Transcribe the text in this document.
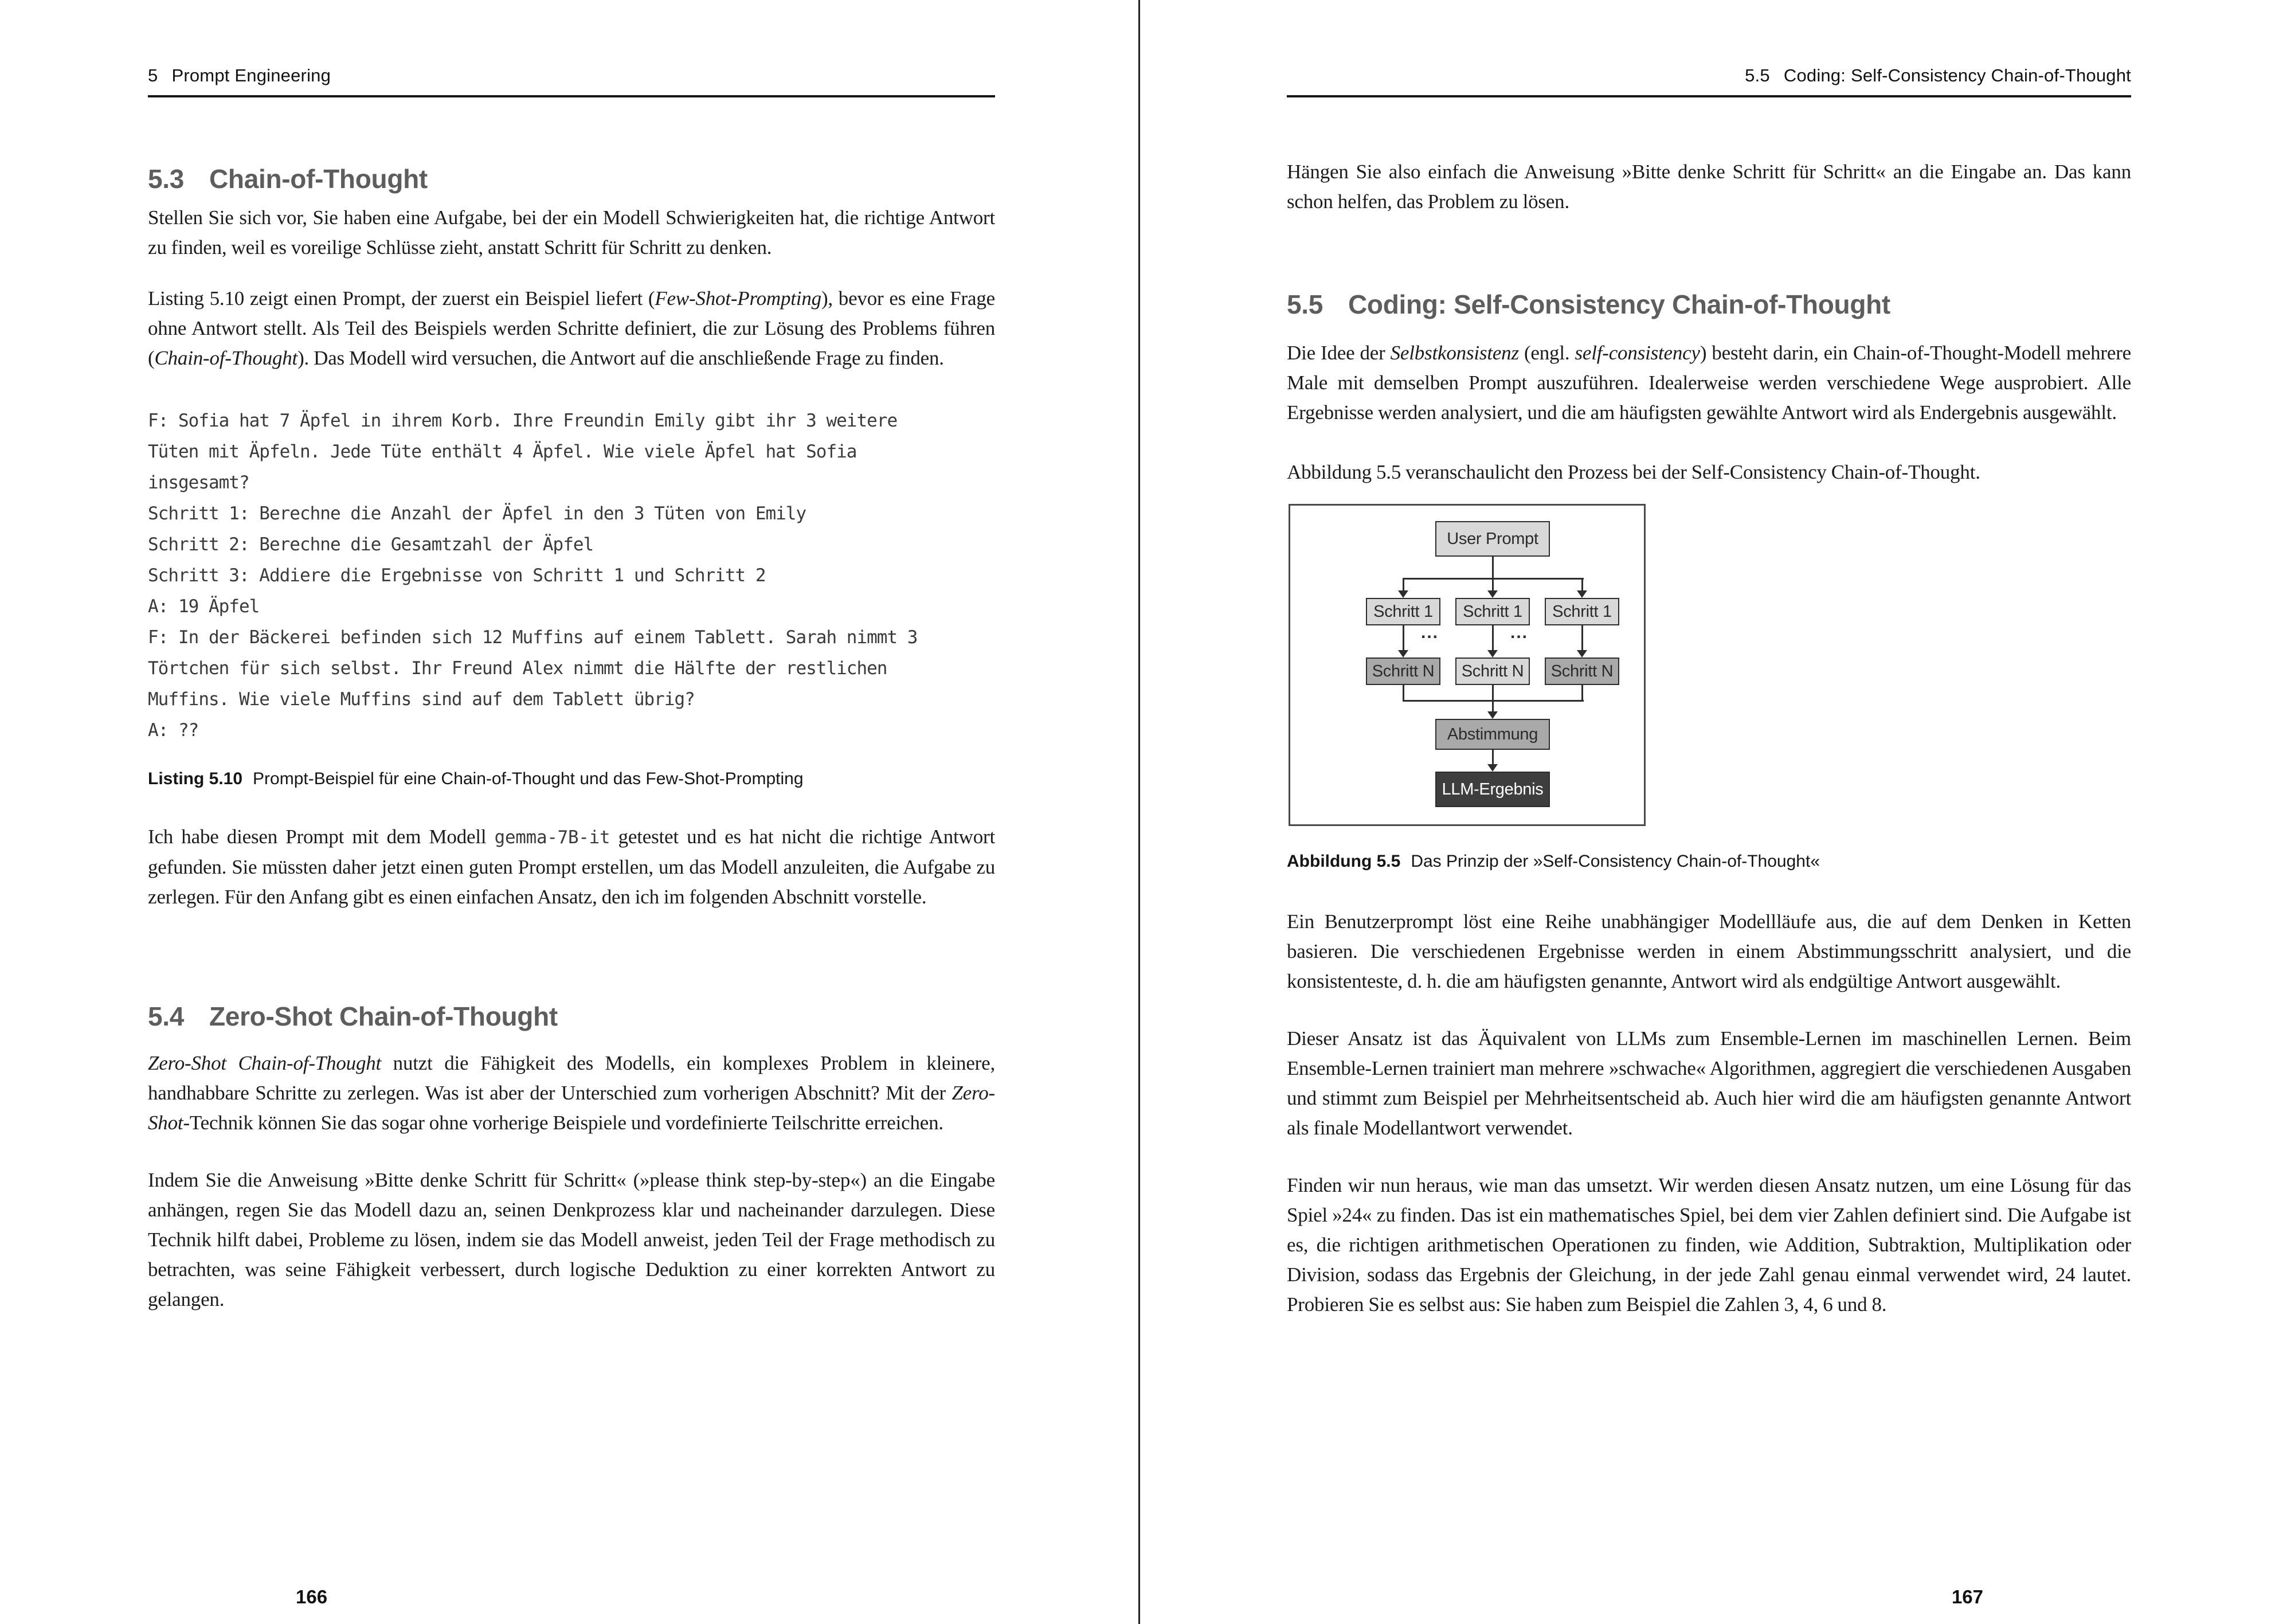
5 Prompt Engineering
5.3 Chain-of-Thought

Stellen Sie sich vor, Sie haben eine Aufgabe, bei der ein Modell Schwierigkeiten hat, die richtige Antwort zu finden, weil es voreilige Schlüsse zieht, anstatt Schritt für Schritt zu denken.

Listing 5.10 zeigt einen Prompt, der zuerst ein Beispiel liefert (Few-Shot-Prompting), bevor es eine Frage ohne Antwort stellt. Als Teil des Beispiels werden Schritte definiert, die zur Lösung des Problems führen (Chain-of-Thought). Das Modell wird versuchen, die Antwort auf die anschließende Frage zu finden.

F: Sofia hat 7 Äpfel in ihrem Korb. Ihre Freundin Emily gibt ihr 3 weitere
Tüten mit Äpfeln. Jede Tüte enthält 4 Äpfel. Wie viele Äpfel hat Sofia
insgesamt?
Schritt 1: Berechne die Anzahl der Äpfel in den 3 Tüten von Emily
Schritt 2: Berechne die Gesamtzahl der Äpfel
Schritt 3: Addiere die Ergebnisse von Schritt 1 und Schritt 2
A: 19 Äpfel
F: In der Bäckerei befinden sich 12 Muffins auf einem Tablett. Sarah nimmt 3
Törtchen für sich selbst. Ihr Freund Alex nimmt die Hälfte der restlichen
Muffins. Wie viele Muffins sind auf dem Tablett übrig?
A: ??
Listing 5.10 Prompt-Beispiel für eine Chain-of-Thought und das Few-Shot-Prompting

Ich habe diesen Prompt mit dem Modell gemma-7B-it getestet und es hat nicht die richtige Antwort gefunden. Sie müssten daher jetzt einen guten Prompt erstellen, um das Modell anzuleiten, die Aufgabe zu zerlegen. Für den Anfang gibt es einen einfachen Ansatz, den ich im folgenden Abschnitt vorstelle.

5.4 Zero-Shot Chain-of-Thought

Zero-Shot Chain-of-Thought nutzt die Fähigkeit des Modells, ein komplexes Problem in kleinere, handhabbare Schritte zu zerlegen. Was ist aber der Unterschied zum vorherigen Abschnitt? Mit der Zero-Shot-Technik können Sie das sogar ohne vorherige Beispiele und vordefinierte Teilschritte erreichen.

Indem Sie die Anweisung »Bitte denke Schritt für Schritt« (»please think step-by-step«) an die Eingabe anhängen, regen Sie das Modell dazu an, seinen Denkprozess klar und nacheinander darzulegen. Diese Technik hilft dabei, Probleme zu lösen, indem sie das Modell anweist, jeden Teil der Frage methodisch zu betrachten, was seine Fähigkeit verbessert, durch logische Deduktion zu einer korrekten Antwort zu gelangen.

166
5.5 Coding: Self-Consistency Chain-of-Thought

Hängen Sie also einfach die Anweisung »Bitte denke Schritt für Schritt« an die Eingabe an. Das kann schon helfen, das Problem zu lösen.

5.5 Coding: Self-Consistency Chain-of-Thought

Die Idee der Selbstkonsistenz (engl. self-consistency) besteht darin, ein Chain-of-Thought-Modell mehrere Male mit demselben Prompt auszuführen. Idealerweise werden verschiedene Wege ausprobiert. Alle Ergebnisse werden analysiert, und die am häufigsten gewählte Antwort wird als Endergebnis ausgewählt.

Abbildung 5.5 veranschaulicht den Prozess bei der Self-Consistency Chain-of-Thought.

User Prompt
Schritt 1	Schritt 1	Schritt 1
...	...
Schritt N	Schritt N	Schritt N
Abstimmung
LLM-Ergebnis
Abbildung 5.5 Das Prinzip der »Self-Consistency Chain-of-Thought«

Ein Benutzerprompt löst eine Reihe unabhängiger Modellläufe aus, die auf dem Denken in Ketten basieren. Die verschiedenen Ergebnisse werden in einem Abstimmungsschritt analysiert, und die konsistenteste, d. h. die am häufigsten genannte, Antwort wird als endgültige Antwort ausgewählt.

Dieser Ansatz ist das Äquivalent von LLMs zum Ensemble-Lernen im maschinellen Lernen. Beim Ensemble-Lernen trainiert man mehrere »schwache« Algorithmen, aggregiert die verschiedenen Ausgaben und stimmt zum Beispiel per Mehrheitsentscheid ab. Auch hier wird die am häufigsten genannte Antwort als finale Modellantwort verwendet.

Finden wir nun heraus, wie man das umsetzt. Wir werden diesen Ansatz nutzen, um eine Lösung für das Spiel »24« zu finden. Das ist ein mathematisches Spiel, bei dem vier Zahlen definiert sind. Die Aufgabe ist es, die richtigen arithmetischen Operationen zu finden, wie Addition, Subtraktion, Multiplikation oder Division, sodass das Ergebnis der Gleichung, in der jede Zahl genau einmal verwendet wird, 24 lautet. Probieren Sie es selbst aus: Sie haben zum Beispiel die Zahlen 3, 4, 6 und 8.

167
